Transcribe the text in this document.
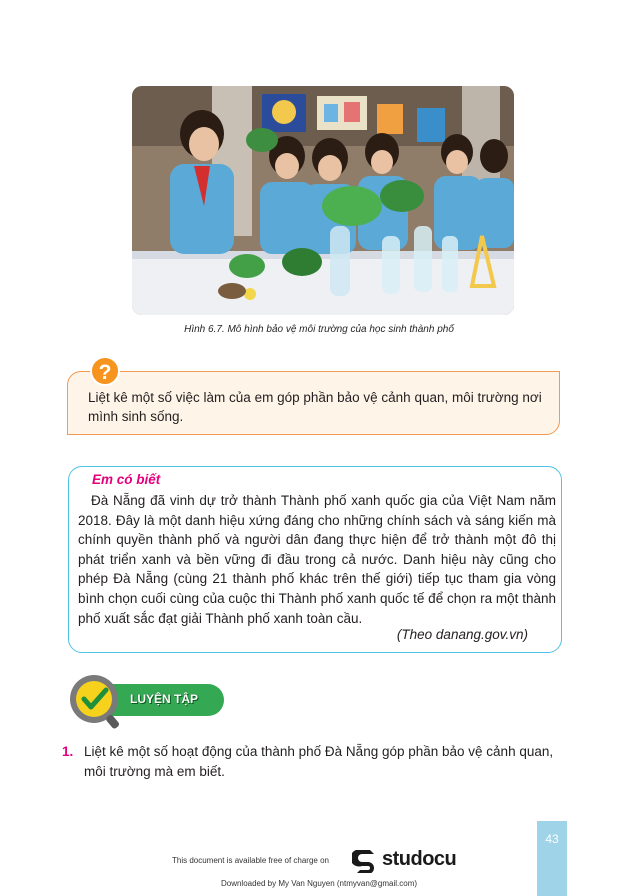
Hình 6.7. Mô hình bảo vệ môi trường của học sinh thành phố
?
Liệt kê một số việc làm của em góp phần bảo vệ cảnh quan, môi trường nơi mình sinh sống.
Em có biết
Đà Nẵng đã vinh dự trở thành Thành phố xanh quốc gia của Việt Nam năm 2018. Đây là một danh hiệu xứng đáng cho những chính sách và sáng kiến mà chính quyền thành phố và người dân đang thực hiện để trở thành một đô thị phát triển xanh và bền vững đi đầu trong cả nước. Danh hiệu này cũng cho phép Đà Nẵng (cùng 21 thành phố khác trên thế giới) tiếp tục tham gia vòng bình chọn cuối cùng của cuộc thi Thành phố xanh quốc tế để chọn ra một thành phố xuất sắc đạt giải Thành phố xanh toàn cầu.
(Theo danang.gov.vn)
LUYỆN TẬP
1. Liệt kê một số hoạt động của thành phố Đà Nẵng góp phần bảo vệ cảnh quan, môi trường mà em biết.
43
This document is available free of charge on	studocu
Downloaded by My Van Nguyen (ntmyvan@gmail.com)
